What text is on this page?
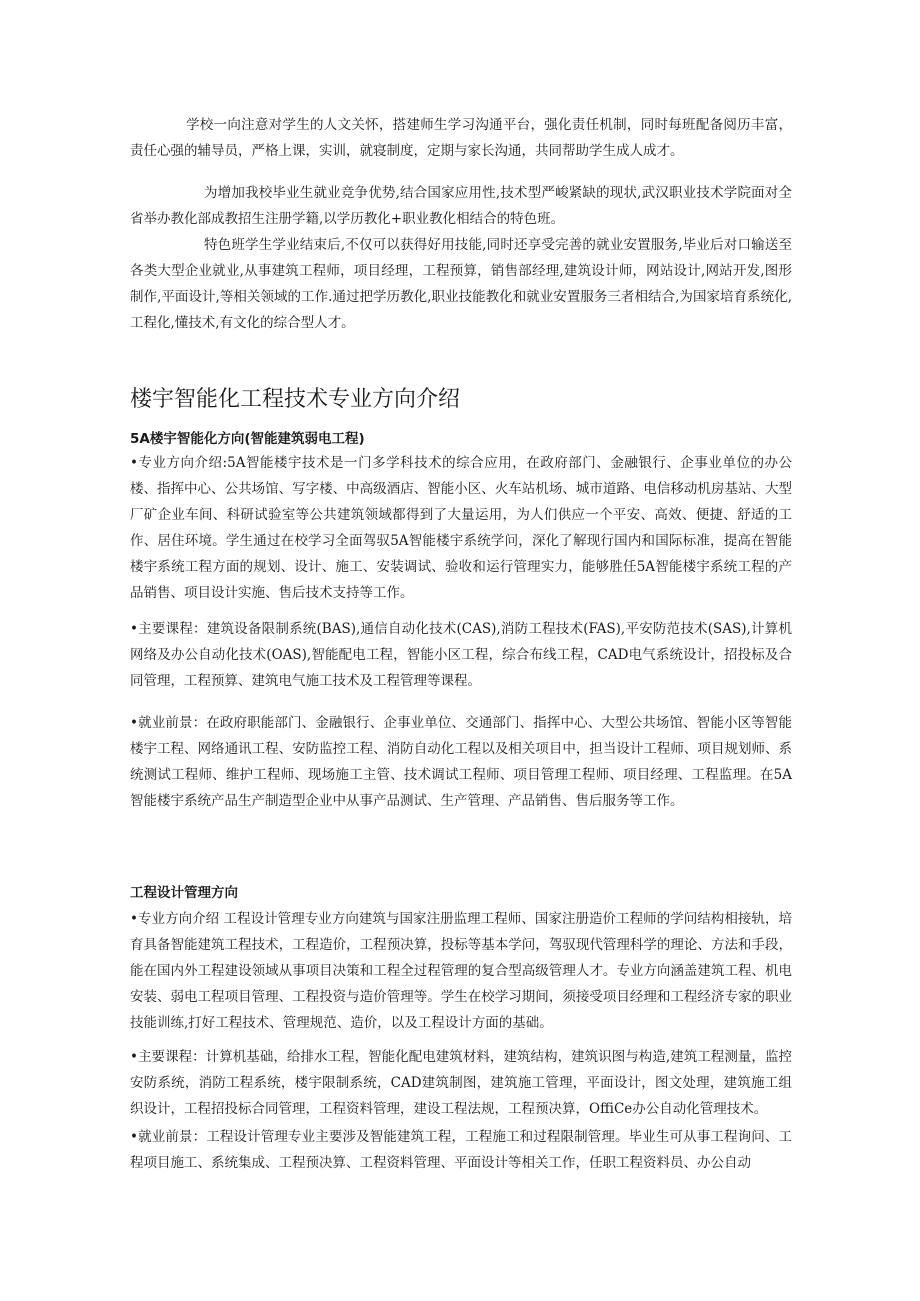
学校一向注意对学生的人文关怀，搭建师生学习沟通平台，强化责任机制，同时每班配备阅历丰富，责任心强的辅导员，严格上课，实训，就寝制度，定期与家长沟通，共同帮助学生成人成才。

为增加我校毕业生就业竞争优势,结合国家应用性,技术型严峻紧缺的现状,武汉职业技术学院面对全省举办教化部成教招生注册学籍,以学历教化+职业教化相结合的特色班。

特色班学生学业结束后,不仅可以获得好用技能,同时还享受完善的就业安置服务,毕业后对口输送至各类大型企业就业,从事建筑工程师，项目经理，工程预算，销售部经理,建筑设计师，网站设计,网站开发,图形制作,平面设计,等相关领域的工作.通过把学历教化,职业技能教化和就业安置服务三者相结合,为国家培育系统化,工程化,懂技术,有文化的综合型人才。

楼宇智能化工程技术专业方向介绍
5A楼宇智能化方向(智能建筑弱电工程)

•专业方向介绍:5A智能楼宇技术是一门多学科技术的综合应用，在政府部门、金融银行、企事业单位的办公楼、指挥中心、公共场馆、写字楼、中高级酒店、智能小区、火车站机场、城市道路、电信移动机房基站、大型厂矿企业车间、科研试验室等公共建筑领域都得到了大量运用，为人们供应一个平安、高效、便捷、舒适的工作、居住环境。学生通过在校学习全面驾驭5A智能楼宇系统学问，深化了解现行国内和国际标准，提高在智能楼宇系统工程方面的规划、设计、施工、安装调试、验收和运行管理实力，能够胜任5A智能楼宇系统工程的产品销售、项目设计实施、售后技术支持等工作。

•主要课程：建筑设备限制系统(BAS),通信自动化技术(CAS),消防工程技术(FAS),平安防范技术(SAS),计算机网络及办公自动化技术(OAS),智能配电工程，智能小区工程，综合布线工程，CAD电气系统设计，招投标及合同管理，工程预算、建筑电气施工技术及工程管理等课程。

•就业前景：在政府职能部门、金融银行、企事业单位、交通部门、指挥中心、大型公共场馆、智能小区等智能楼宇工程、网络通讯工程、安防监控工程、消防自动化工程以及相关项目中，担当设计工程师、项目规划师、系统测试工程师、维护工程师、现场施工主管、技术调试工程师、项目管理工程师、项目经理、工程监理。在5A智能楼宇系统产品生产制造型企业中从事产品测试、生产管理、产品销售、售后服务等工作。

工程设计管理方向

•专业方向介绍 工程设计管理专业方向建筑与国家注册监理工程师、国家注册造价工程师的学问结构相接轨，培育具备智能建筑工程技术，工程造价，工程预决算，投标等基本学问，驾驭现代管理科学的理论、方法和手段，能在国内外工程建设领域从事项目决策和工程全过程管理的复合型高级管理人才。专业方向涵盖建筑工程、机电安装、弱电工程项目管理、工程投资与造价管理等。学生在校学习期间，须接受项目经理和工程经济专家的职业技能训练,打好工程技术、管理规范、造价，以及工程设计方面的基础。

•主要课程：计算机基础，给排水工程，智能化配电建筑材料，建筑结构，建筑识图与构造,建筑工程测量，监控安防系统，消防工程系统，楼宇限制系统，CAD建筑制图，建筑施工管理，平面设计，图文处理，建筑施工组织设计，工程招投标合同管理，工程资料管理，建设工程法规，工程预决算，OffiCe办公自动化管理技术。

•就业前景：工程设计管理专业主要涉及智能建筑工程，工程施工和过程限制管理。毕业生可从事工程询问、工程项目施工、系统集成、工程预决算、工程资料管理、平面设计等相关工作，任职工程资料员、办公自动
